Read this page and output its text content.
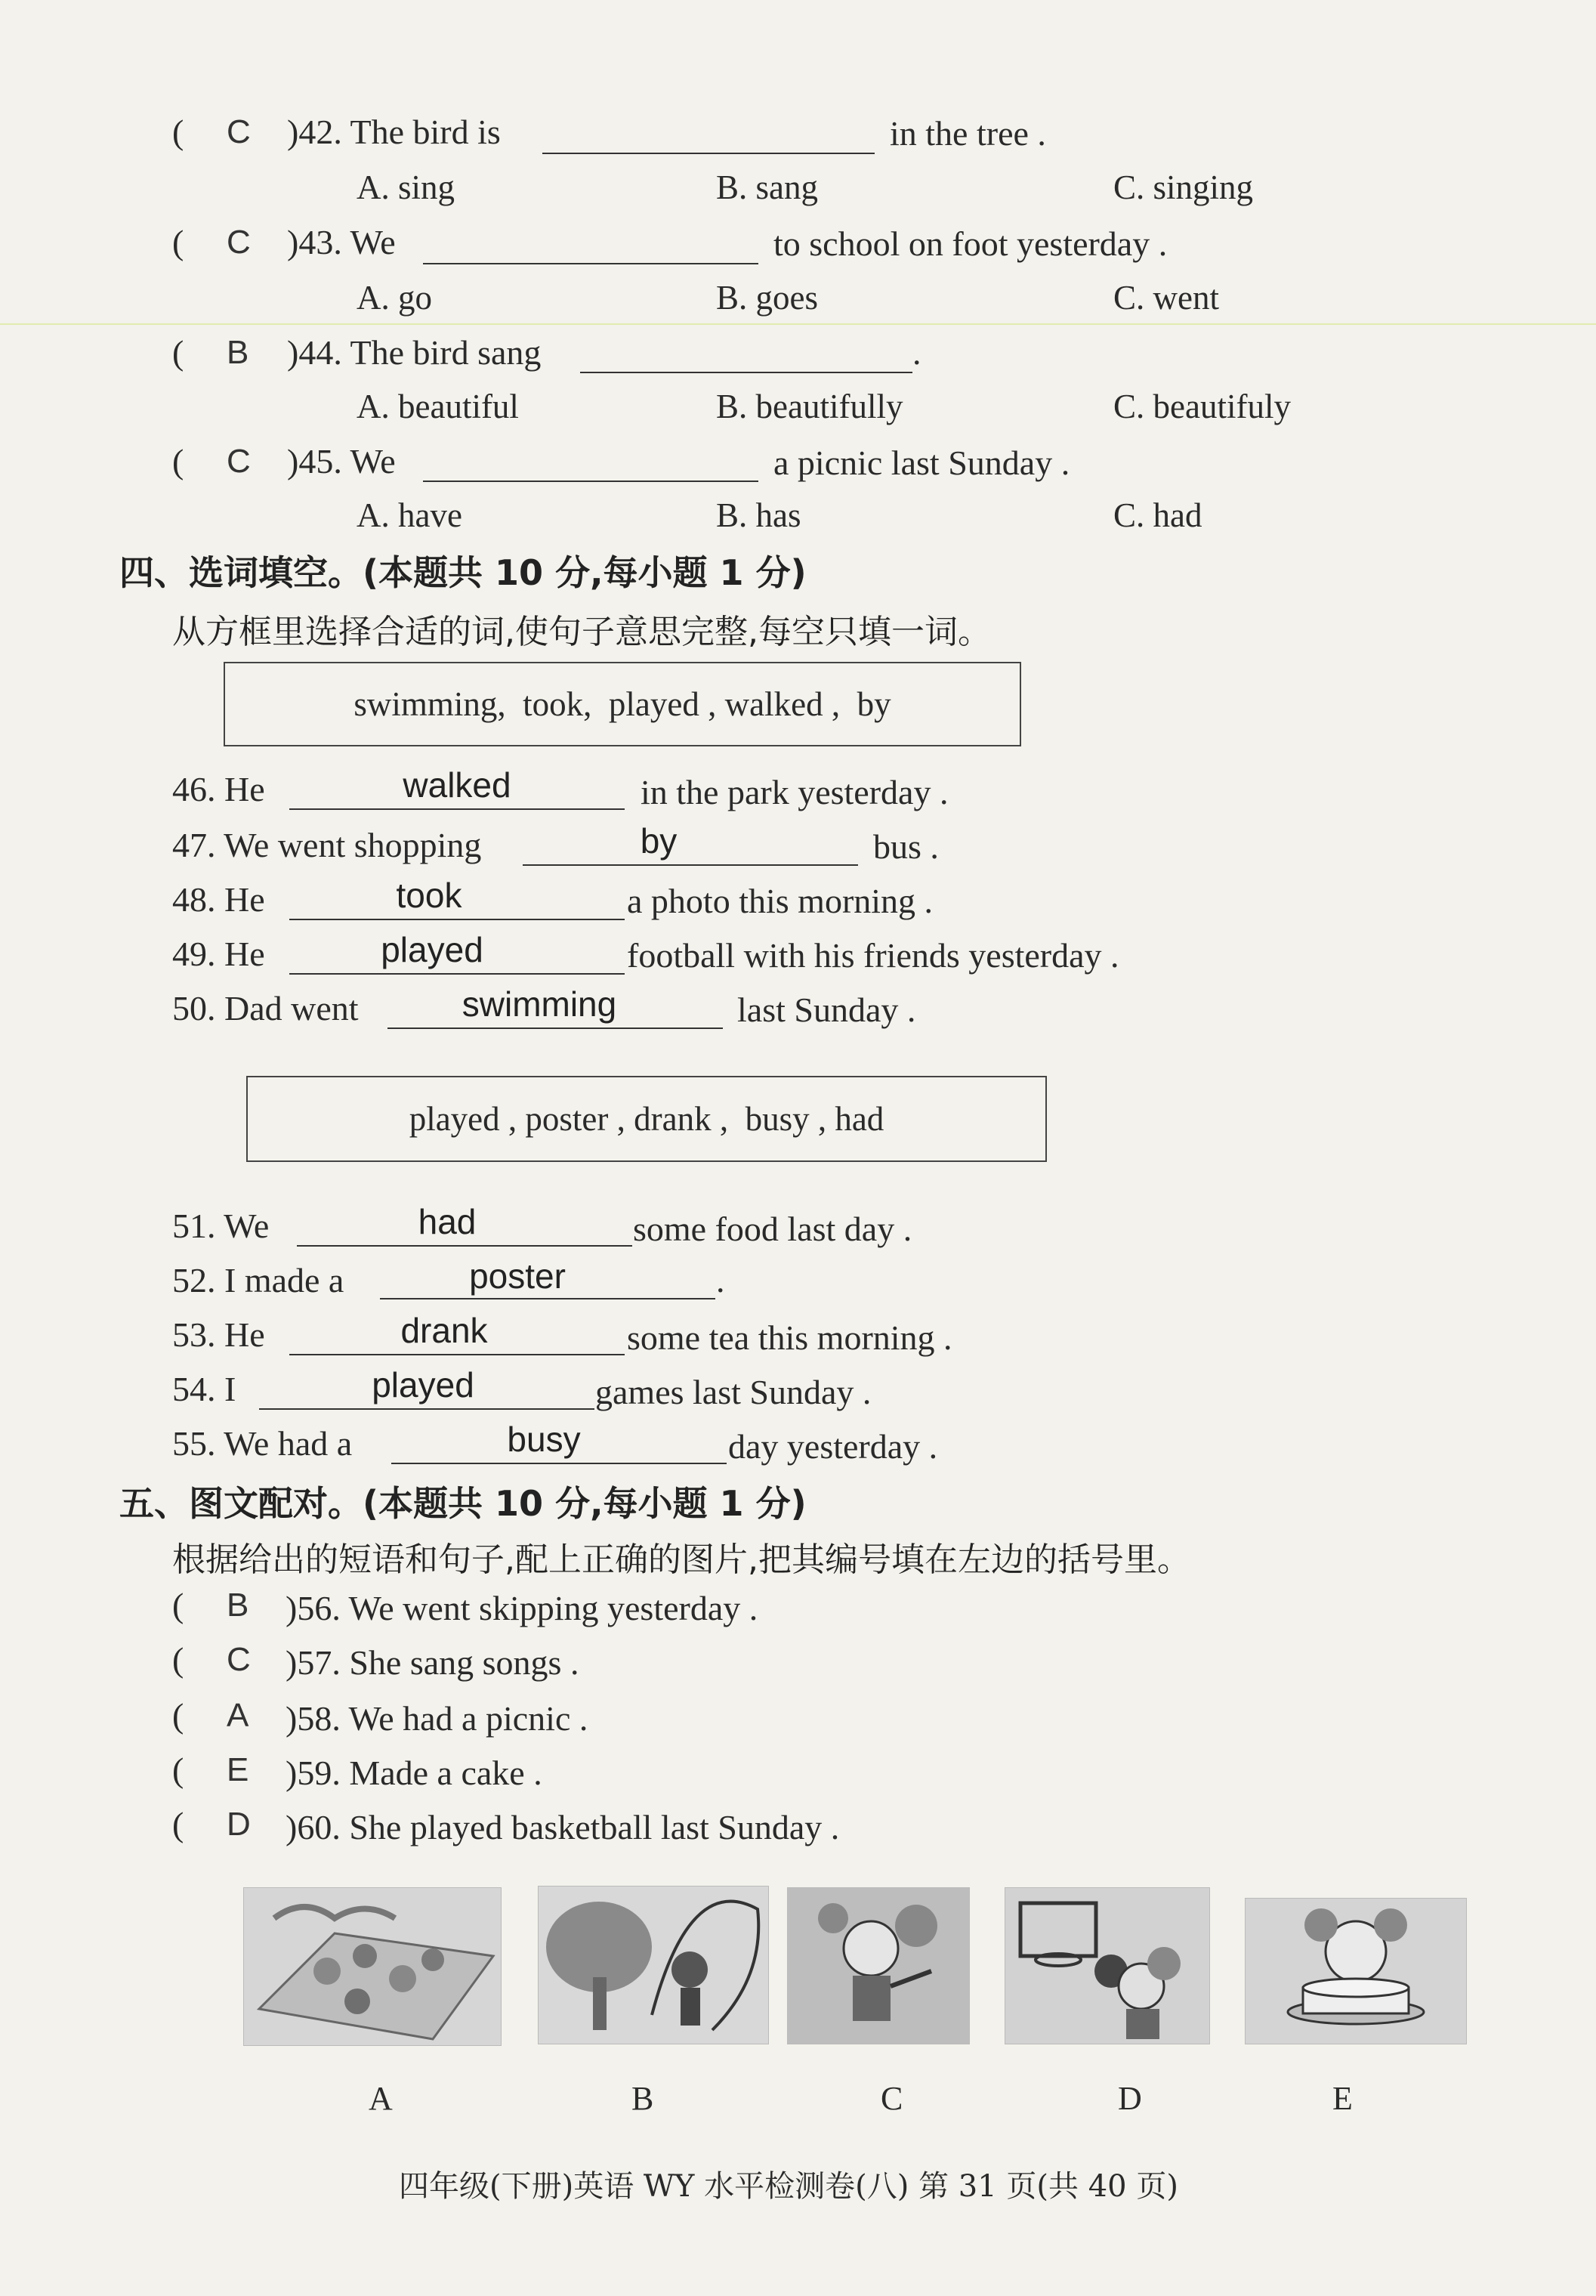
( C )42. The bird is	in the tree .
A. sing	B. sang	C. singing
( C )43. We	to school on foot yesterday .
A. go	B. goes	C. went
( B )44. The bird sang	.
A. beautiful	B. beautifully	C. beautifuly
( C )45. We	a picnic last Sunday .
A. have	B. has	C. had
四、选词填空。(本题共 10 分,每小题 1 分)
从方框里选择合适的词,使句子意思完整,每空只填一词。
swimming,  took,  played , walked ,  by
46. He	walked	in the park yesterday .
47. We went shopping	by	bus .
48. He	took	a photo this morning .
49. He	played	football with his friends yesterday .
50. Dad went	swimming	last Sunday .
played , poster , drank ,  busy , had
51. We	had	some food last day .
52. I made a	poster	.
53. He	drank	some tea this morning .
54. I	played	games last Sunday .
55. We had a	busy	day yesterday .
五、图文配对。(本题共 10 分,每小题 1 分)
根据给出的短语和句子,配上正确的图片,把其编号填在左边的括号里。
( B )56. We went skipping yesterday .
( C )57. She sang songs .
( A )58. We had a picnic .
( E )59. Made a cake .
( D )60. She played basketball last Sunday .
A	B	C	D	E
四年级(下册)英语 WY 水平检测卷(八) 第 31 页(共 40 页)
